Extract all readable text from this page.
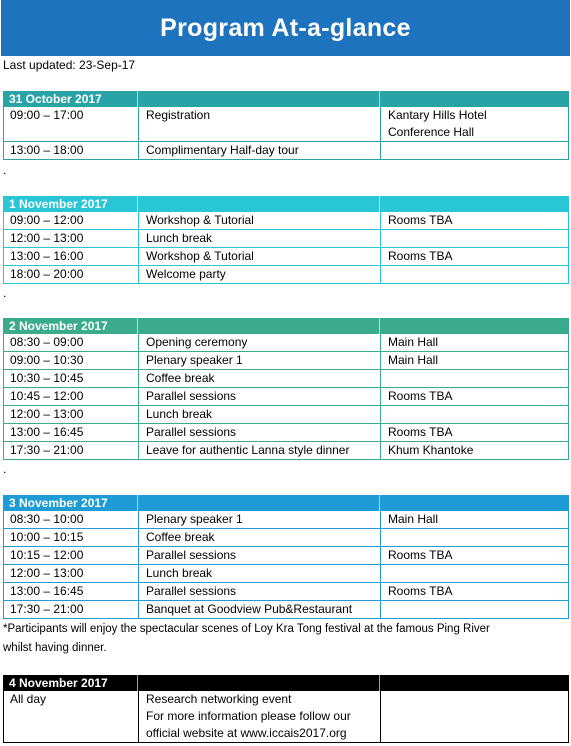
Program At-a-glance
Last updated: 23-Sep-17
31 October 2017
09:00 – 17:00	Registration	Kantary Hills Hotel
Conference Hall
13:00 – 18:00	Complimentary Half-day tour
.
1 November 2017
09:00 – 12:00	Workshop & Tutorial	Rooms TBA
12:00 – 13:00	Lunch break
13:00 – 16:00	Workshop & Tutorial	Rooms TBA
18:00 – 20:00	Welcome party
.
2 November 2017
08:30 – 09:00	Opening ceremony	Main Hall
09:00 – 10:30	Plenary speaker 1	Main Hall
10:30 – 10:45	Coffee break
10:45 – 12:00	Parallel sessions	Rooms TBA
12:00 – 13:00	Lunch break
13:00 – 16:45	Parallel sessions	Rooms TBA
17:30 – 21:00	Leave for authentic Lanna style dinner	Khum Khantoke
.
3 November 2017
08:30 – 10:00	Plenary speaker 1	Main Hall
10:00 – 10:15	Coffee break
10:15 – 12:00	Parallel sessions	Rooms TBA
12:00 – 13:00	Lunch break
13:00 – 16:45	Parallel sessions	Rooms TBA
17:30 – 21:00	Banquet at Goodview Pub&Restaurant
*Participants will enjoy the spectacular scenes of Loy Kra Tong festival at the famous Ping River
whilst having dinner.
4 November 2017
All day	Research networking event
For more information please follow our
official website at www.iccais2017.org
